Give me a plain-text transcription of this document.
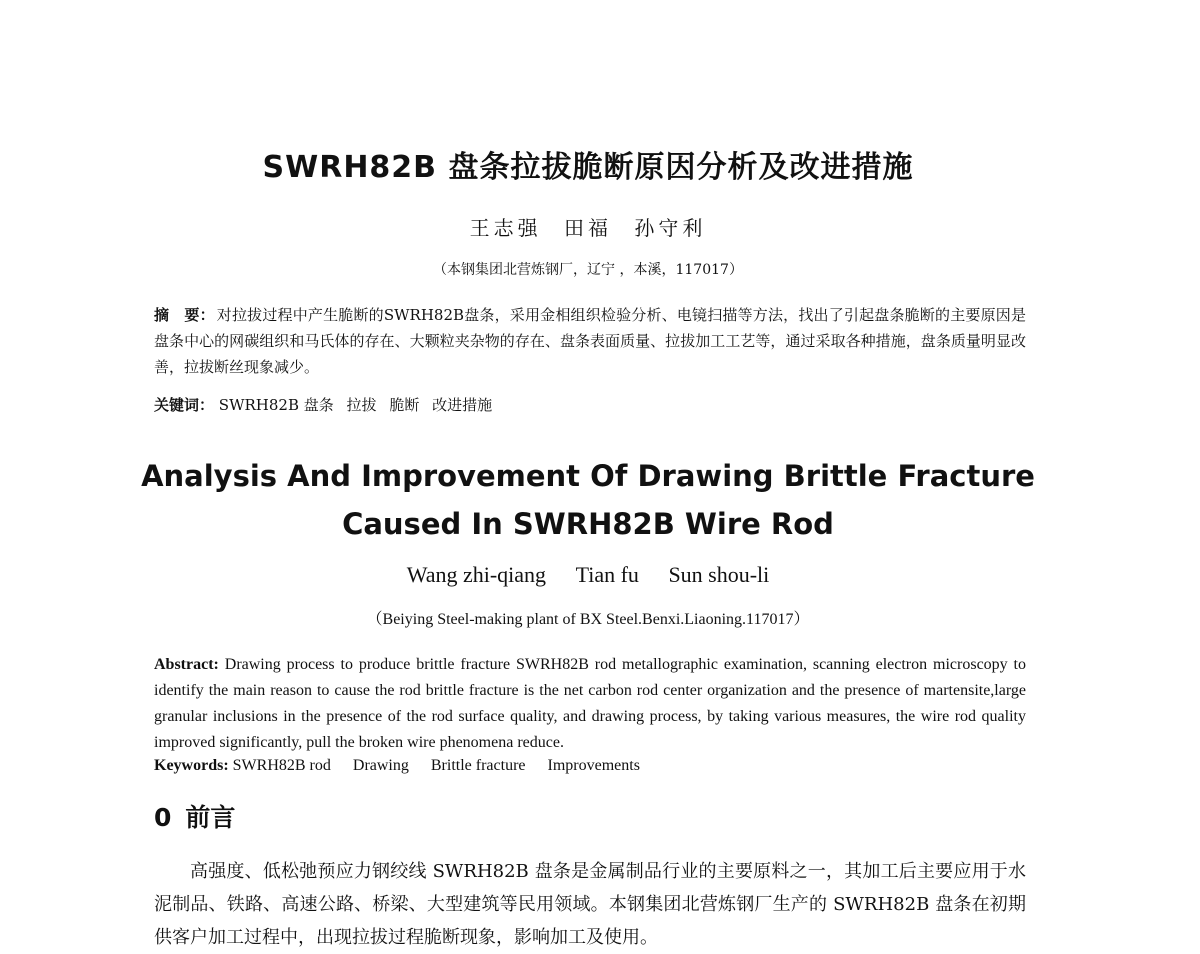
SWRH82B 盘条拉拔脆断原因分析及改进措施
王志强 田福 孙守利
（本钢集团北营炼钢厂，辽宁 ，本溪，117017）
摘　要： 对拉拔过程中产生脆断的SWRH82B盘条，采用金相组织检验分析、电镜扫描等方法，找出了引起盘条脆断的主要原因是盘条中心的网碳组织和马氏体的存在、大颗粒夹杂物的存在、盘条表面质量、拉拔加工工艺等，通过采取各种措施，盘条质量明显改善，拉拔断丝现象减少。
关键词： SWRH82B 盘条 拉拔 脆断 改进措施
Analysis And Improvement Of Drawing Brittle Fracture
Caused In SWRH82B Wire Rod
Wang zhi-qiang Tian fu Sun shou-li
（Beiying Steel-making plant of BX Steel.Benxi.Liaoning.117017）
Abstract: Drawing process to produce brittle fracture SWRH82B rod metallographic examination, scanning electron microscopy to identify the main reason to cause the rod brittle fracture is the net carbon rod center organization and the presence of martensite,large granular inclusions in the presence of the rod surface quality, and drawing process, by taking various measures, the wire rod quality improved significantly, pull the broken wire phenomena reduce.
Keywords: SWRH82B rod Drawing Brittle fracture Improvements
0 前言
高强度、低松弛预应力钢绞线 SWRH82B 盘条是金属制品行业的主要原料之一，其加工后主要应用于水泥制品、铁路、高速公路、桥梁、大型建筑等民用领域。本钢集团北营炼钢厂生产的 SWRH82B 盘条在初期供客户加工过程中，出现拉拔过程脆断现象，影响加工及使用。
